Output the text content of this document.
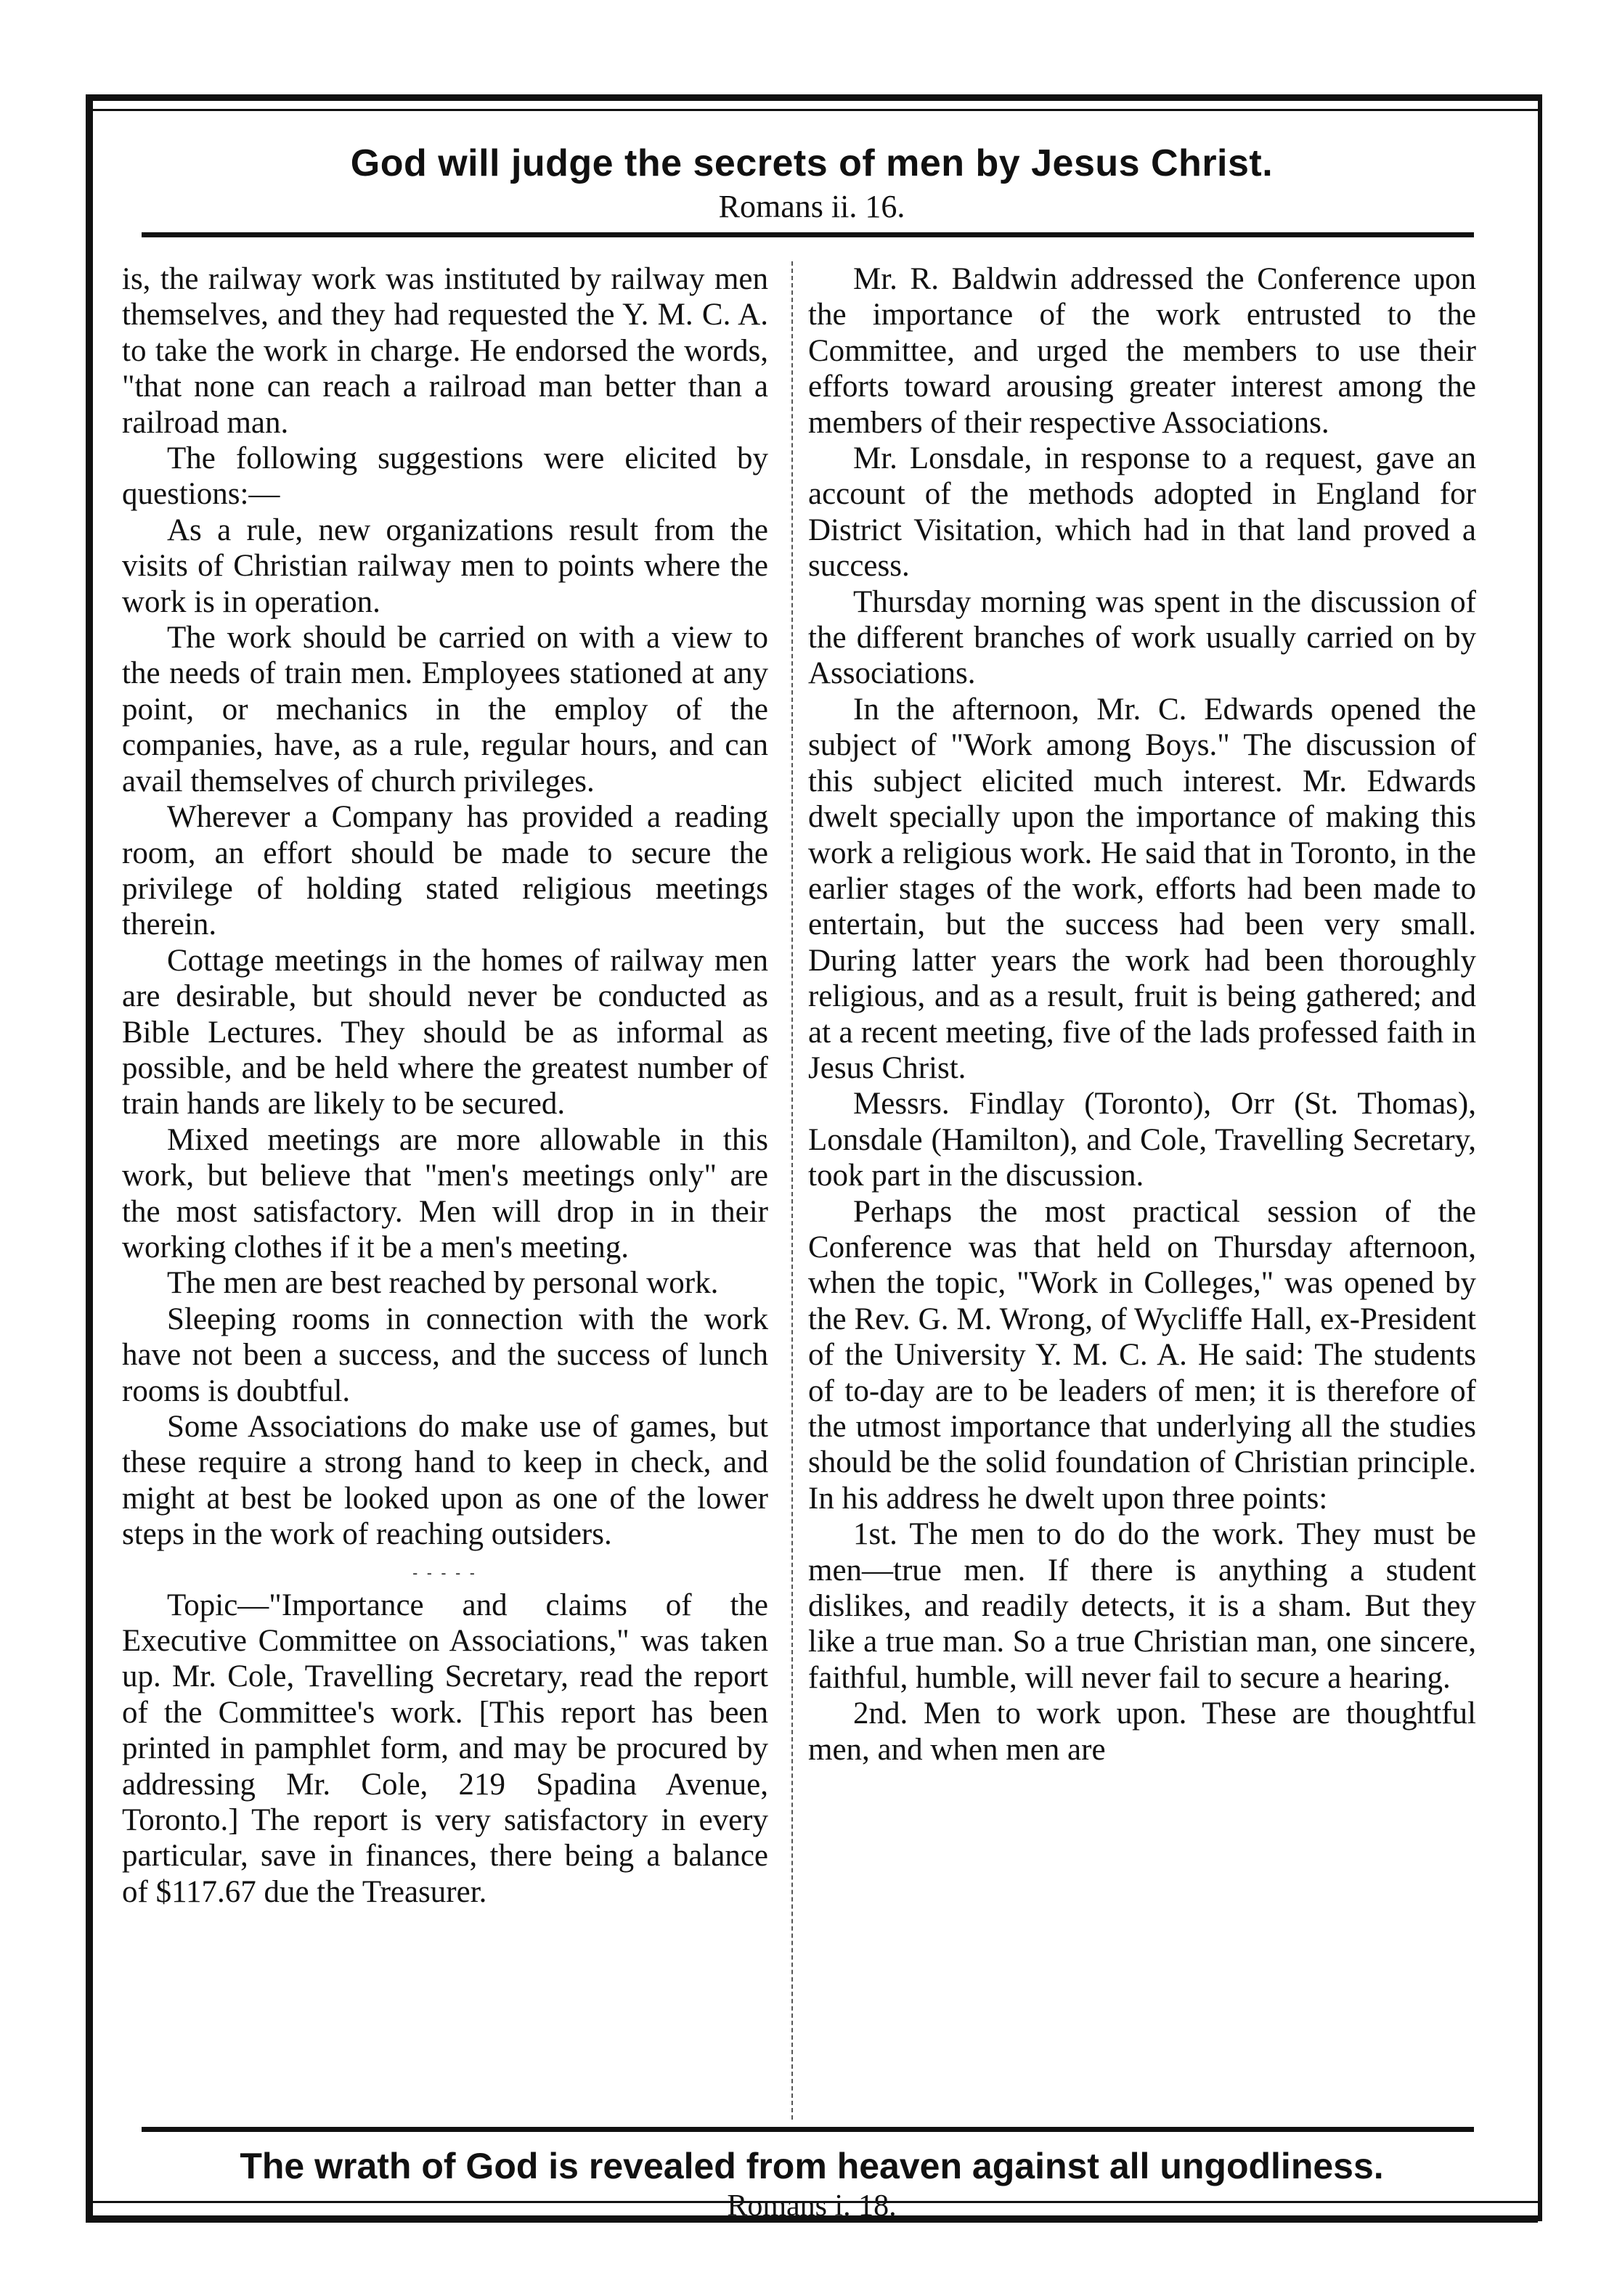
God will judge the secrets of men by Jesus Christ.
Romans ii. 16.

is, the railway work was instituted by railway men themselves, and they had requested the Y. M. C. A. to take the work in charge. He endorsed the words, "that none can reach a railroad man better than a railroad man.

The following suggestions were elicited by questions:—

As a rule, new organizations result from the visits of Christian railway men to points where the work is in operation.

The work should be carried on with a view to the needs of train men. Employees stationed at any point, or mechanics in the employ of the companies, have, as a rule, regular hours, and can avail themselves of church privileges.

Wherever a Company has provided a reading room, an effort should be made to secure the privilege of holding stated religious meetings therein.

Cottage meetings in the homes of railway men are desirable, but should never be conducted as Bible Lectures. They should be as informal as possible, and be held where the greatest number of train hands are likely to be secured.

Mixed meetings are more allowable in this work, but believe that "men's meetings only" are the most satisfactory. Men will drop in in their working clothes if it be a men's meeting.

The men are best reached by personal work.

Sleeping rooms in connection with the work have not been a success, and the success of lunch rooms is doubtful.

Some Associations do make use of games, but these require a strong hand to keep in check, and might at best be looked upon as one of the lower steps in the work of reaching outsiders.

- - - - -

Topic—"Importance and claims of the Executive Committee on Associations," was taken up. Mr. Cole, Travelling Secretary, read the report of the Committee's work. [This report has been printed in pamphlet form, and may be procured by addressing Mr. Cole, 219 Spadina Avenue, Toronto.] The report is very satisfactory in every particular, save in finances, there being a balance of $117.67 due the Treasurer.

Mr. R. Baldwin addressed the Conference upon the importance of the work entrusted to the Committee, and urged the members to use their efforts toward arousing greater interest among the members of their respective Associations.

Mr. Lonsdale, in response to a request, gave an account of the methods adopted in England for District Visitation, which had in that land proved a success.

Thursday morning was spent in the discussion of the different branches of work usually carried on by Associations.

In the afternoon, Mr. C. Edwards opened the subject of "Work among Boys." The discussion of this subject elicited much interest. Mr. Edwards dwelt specially upon the importance of making this work a religious work. He said that in Toronto, in the earlier stages of the work, efforts had been made to entertain, but the success had been very small. During latter years the work had been thoroughly religious, and as a result, fruit is being gathered; and at a recent meeting, five of the lads professed faith in Jesus Christ.

Messrs. Findlay (Toronto), Orr (St. Thomas), Lonsdale (Hamilton), and Cole, Travelling Secretary, took part in the discussion.

Perhaps the most practical session of the Conference was that held on Thursday afternoon, when the topic, "Work in Colleges," was opened by the Rev. G. M. Wrong, of Wycliffe Hall, ex-President of the University Y. M. C. A. He said: The students of to-day are to be leaders of men; it is therefore of the utmost importance that underlying all the studies should be the solid foundation of Christian principle. In his address he dwelt upon three points:

1st. The men to do do the work. They must be men—true men. If there is anything a student dislikes, and readily detects, it is a sham. But they like a true man. So a true Christian man, one sincere, faithful, humble, will never fail to secure a hearing.

2nd. Men to work upon. These are thoughtful men, and when men are

The wrath of God is revealed from heaven against all ungodliness.
Romans i. 18.
